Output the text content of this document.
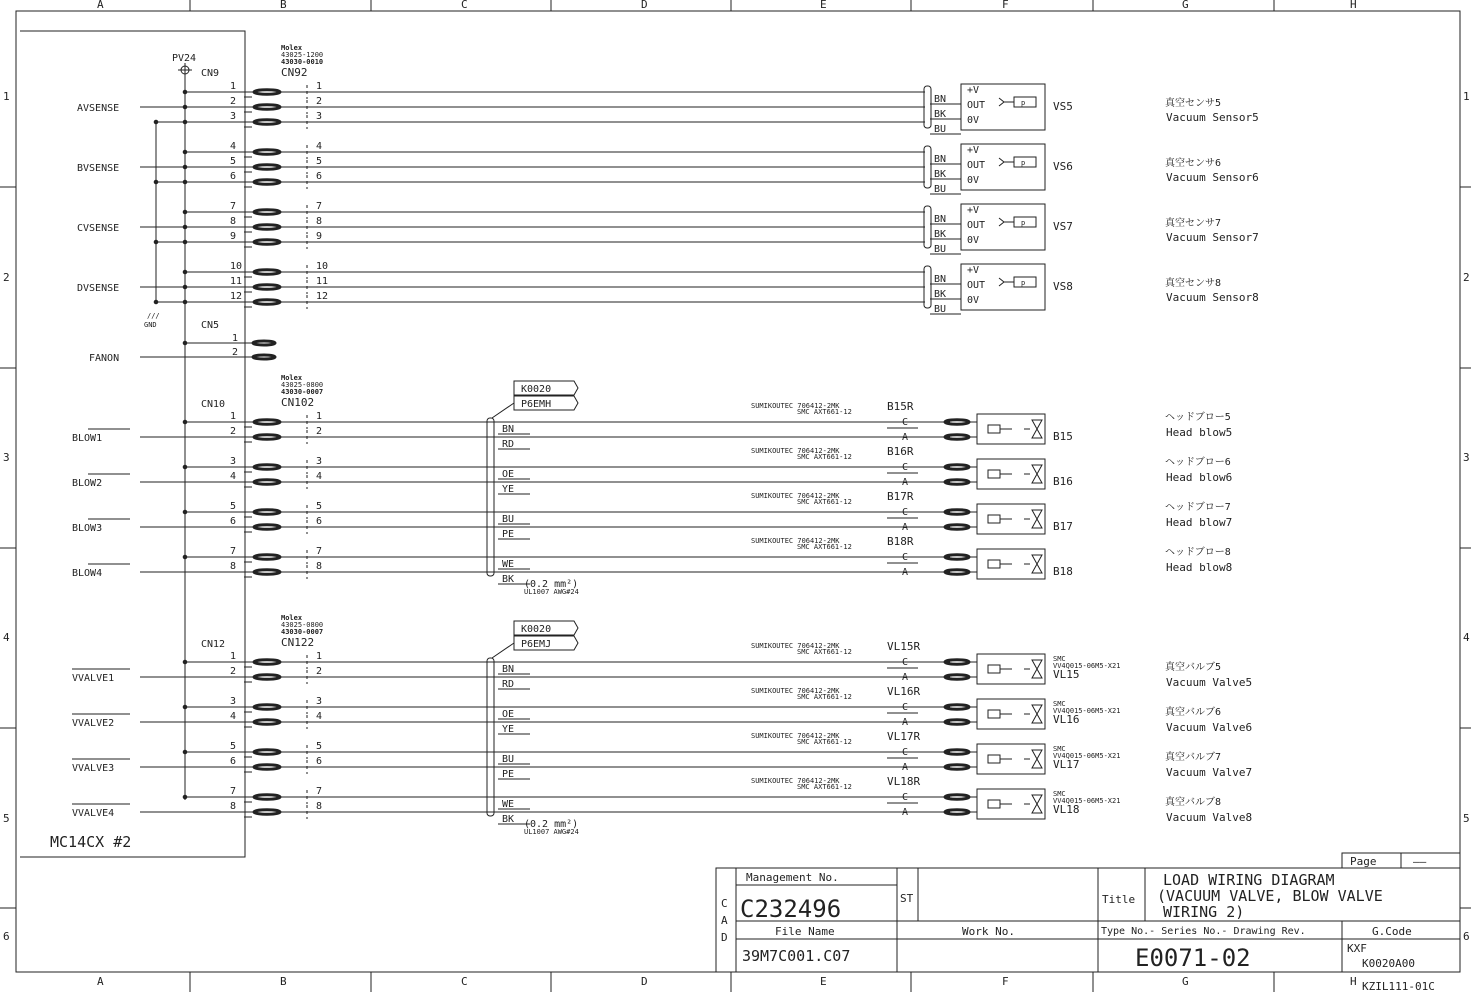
A
A
B
B
C
C
D
D
E
E
F
F
G
G
H
H
1	1
2	2
3	3
4	4
5	5
6	6
MC14CX #2
PV24
///
GND
CN9
Molex
43025-1200
43030-0010
CN92
CN5
FANON
CN10
Molex
43025-0800
43030-0007
CN102
CN12
Molex
43025-0800
43030-0007
CN122
K0020
P6EMH
K0020
P6EMJ
(0.2 mm²)
UL1007 AWG#24
(0.2 mm²)
UL1007 AWG#24
1	1
2	2
3	3
AVSENSE
BN
BK
BU
+V
OUT
0V
p	VS5	真空センサ5
Vacuum Sensor5
4	4
5	5
6	6
BVSENSE
BN
BK
BU
+V
OUT
0V
p	VS6	真空センサ6
Vacuum Sensor6
7	7
8	8
9	9
CVSENSE
BN
BK
BU
+V
OUT
0V
p	VS7	真空センサ7
Vacuum Sensor7
10	10
11	11
12	12
DVSENSE
BN
BK
BU
+V
OUT
0V
p	VS8	真空センサ8
Vacuum Sensor8
1
2
1	1
2	2
BLOW1
BN
RD
SUMIKOUTEC 706412-2MK
SMC AXT661-12	B15R
C
A	B15
ヘッドブロー5
Head blow5
3	3
4	4
BLOW2
OE
YE
SUMIKOUTEC 706412-2MK
SMC AXT661-12	B16R
C
A	B16
ヘッドブロー6
Head blow6
5	5
6	6
BLOW3
BU
PE
SUMIKOUTEC 706412-2MK
SMC AXT661-12	B17R
C
A	B17
ヘッドブロー7
Head blow7
7	7
8	8
BLOW4
WE
BK
SUMIKOUTEC 706412-2MK
SMC AXT661-12	B18R
C
A	B18
ヘッドブロー8
Head blow8
1	1
2	2
VVALVE1
BN
RD
SUMIKOUTEC 706412-2MK
SMC AXT661-12	VL15R
C
A
SMC
VV4Q015-06M5-X21
VL15
真空バルブ5
Vacuum Valve5
3	3
4	4
VVALVE2
OE
YE
SUMIKOUTEC 706412-2MK
SMC AXT661-12	VL16R
C
A
SMC
VV4Q015-06M5-X21
VL16
真空バルブ6
Vacuum Valve6
5	5
6	6
VVALVE3
BU
PE
SUMIKOUTEC 706412-2MK
SMC AXT661-12	VL17R
C
A
SMC
VV4Q015-06M5-X21
VL17
真空バルブ7
Vacuum Valve7
7	7
8	8
VVALVE4
WE
BK
SUMIKOUTEC 706412-2MK
SMC AXT661-12	VL18R
C
A
SMC
VV4Q015-06M5-X21
VL18
真空バルブ8
Vacuum Valve8
Page	——
Management No.
C232496	ST
C
A
D
Title
LOAD WIRING DIAGRAM
(VACUUM VALVE, BLOW VALVE
WIRING 2)
File Name
39M7C001.C07
Work No.	Type No.- Series No.- Drawing Rev.
E0071-02
G.Code
KXF
K0020A00
KZIL111-01C
